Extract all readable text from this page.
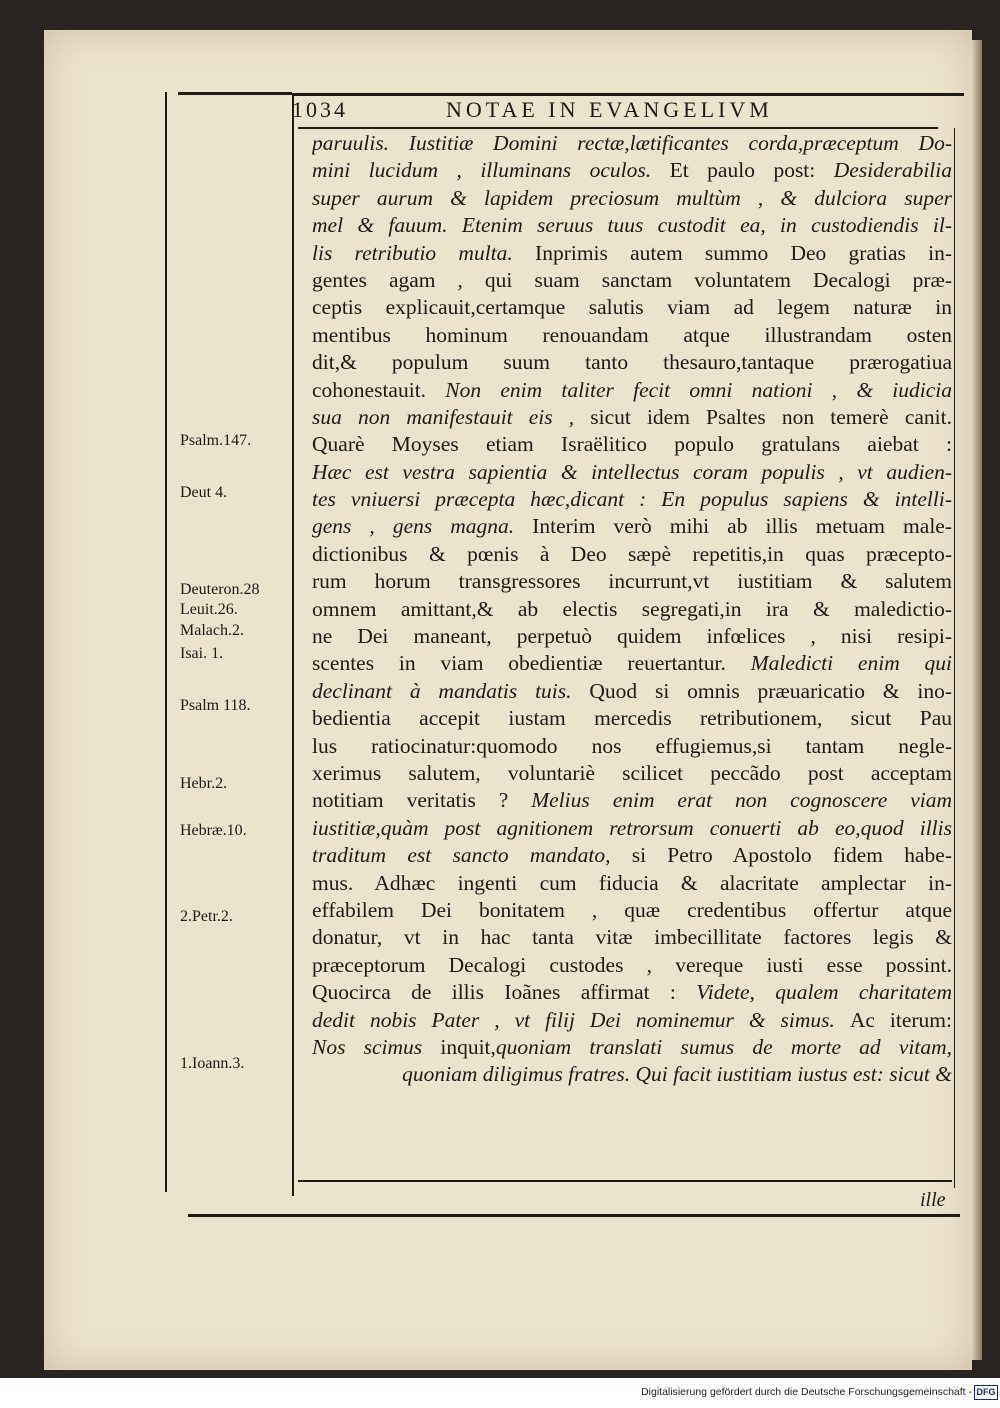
1034	NOTAE IN EVANGELIVM
paruulis. Iustitiæ Domini rectæ,lætificantes corda,præceptum Do-
mini lucidum , illuminans oculos. Et paulo post: Desiderabilia
super aurum & lapidem preciosum multùm , & dulciora super
mel & fauum. Etenim seruus tuus custodit ea, in custodiendis il-
lis retributio multa. Inprimis autem summo Deo gratias in-
gentes agam , qui suam sanctam voluntatem Decalogi præ-
ceptis explicauit,certamque salutis viam ad legem naturæ in
mentibus hominum renouandam atque illustrandam osten
dit,& populum suum tanto thesauro,tantaque prærogatiua
cohonestauit. Non enim taliter fecit omni nationi , & iudicia
sua non manifestauit eis , sicut idem Psaltes non temerè canit.
Quarè Moyses etiam Israëlitico populo gratulans aiebat :
Hæc est vestra sapientia & intellectus coram populis , vt audien-
tes vniuersi præcepta hæc,dicant : En populus sapiens & intelli-
gens , gens magna. Interim verò mihi ab illis metuam male-
dictionibus & pœnis à Deo sæpè repetitis,in quas præcepto-
rum horum transgressores incurrunt,vt iustitiam & salutem
omnem amittant,& ab electis segregati,in ira & maledictio-
ne Dei maneant, perpetuò quidem infœlices , nisi resipi-
scentes in viam obedientiæ reuertantur. Maledicti enim qui
declinant à mandatis tuis. Quod si omnis præuaricatio & ino-
bedientia accepit iustam mercedis retributionem, sicut Pau
lus ratiocinatur:quomodo nos effugiemus,si tantam negle-
xerimus salutem, voluntariè scilicet peccãdo post acceptam
notitiam veritatis ? Melius enim erat non cognoscere viam
iustitiæ,quàm post agnitionem retrorsum conuerti ab eo,quod illis
traditum est sancto mandato, si Petro Apostolo fidem habe-
mus. Adhæc ingenti cum fiducia & alacritate amplectar in-
effabilem Dei bonitatem , quæ credentibus offertur atque
donatur, vt in hac tanta vitæ imbecillitate factores legis &
præceptorum Decalogi custodes , vereque iusti esse possint.
Quocirca de illis Ioãnes affirmat : Videte, qualem charitatem
dedit nobis Pater , vt filij Dei nominemur & simus. Ac iterum:
Nos scimus inquit,quoniam translati sumus de morte ad vitam,
quoniam diligimus fratres. Qui facit iustitiam iustus est: sicut &
Psalm.147.
Deut 4.
Deuteron.28
Leuit.26.
Malach.2.
Isai. 1.
Psalm 118.
Hebr.2.
Hebræ.10.
2.Petr.2.
1.Ioann.3.
ille
Digitalisierung gefördert durch die Deutsche Forschungsgemeinschaft - DFG
